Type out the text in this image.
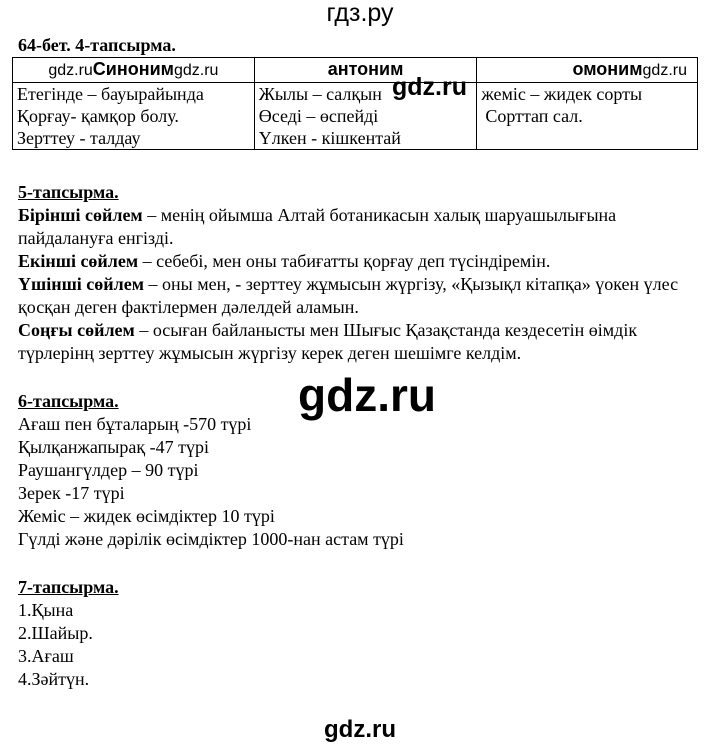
гдз.ру
64-бет. 4-тапсырма.
gdz.ruСинонимgdz.ru	антоним	омонимgdz.ru
Етегінде – бауырайында	Жылы – салқын	жеміс – жидек сорты
Қорғау- қамқор болу.	Өседі – өспейді	Сорттап сал.
Зерттеу - талдау	Үлкен - кішкентай	
gdz.ru
5-тапсырма.

Бірінші сөйлем – менің ойымша Алтай ботаникасын халық шаруашылығына пайдалануға енгізді.

Екінші сөйлем – себебі, мен оны табиғатты қорғау деп түсіндіремін.

Үшінші сөйлем – оны мен, - зерттеу жұмысын жүргізу, «Қызықл кітапқа» үокен үлес қосқан деген фактілермен дәлелдей аламын.

Соңғы сөйлем – осыған байланысты мен Шығыс Қазақстанда кездесетін өімдік түрлерінң зерттеу жұмысын жүргізу керек деген шешімге келдім.

gdz.ru
6-тапсырма.

Ағаш пен бұталарың -570 түрі

Қылқанжапырақ -47 түрі

Раушангүлдер – 90 түрі

Зерек -17 түрі

Жеміс – жидек өсімдіктер 10 түрі

Гүлді және дәрілік өсімдіктер 1000-нан астам түрі

7-тапсырма.

1.Қына

2.Шайыр.

3.Ағаш

4.Зәйтүн.

gdz.ru
